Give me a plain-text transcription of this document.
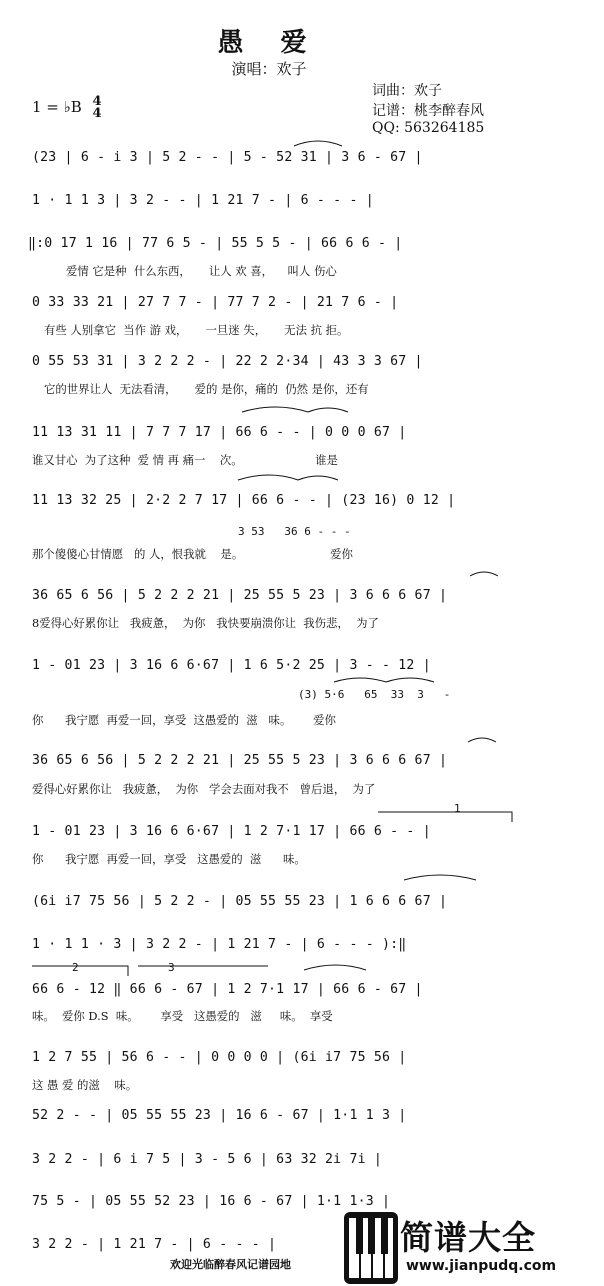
愚 爱
演唱：欢子
词曲：欢子
记谱：桃李醉春风
QQ: 563264185
1 = ♭B 4
4
(23 | 6 - i 3 | 5 2 - - | 5 - 52 31 | 3 6 - 67 |
1 · 1 1 3 | 3 2 - - | 1 21 7 - | 6 - - - |
‖:0 17 1 16 | 77 6 5 - | 55 5 5 - | 66 6 6 - |
爱情 它是种  什么东西，     让人 欢 喜，    叫人 伤心
0 33 33 21 | 27 7 7 - | 77 7 2 - | 21 7 6 - |
有些 人别拿它  当作 游 戏，     一旦迷 失，     无法 抗 拒。
0 55 53 31 | 3 2 2 2 - | 22 2 2·34 | 43 3 3 67 |
它的世界让人  无法看清，     爱的 是你，痛的  仍然 是你，还有
11 13 31 11 | 7 7 7 17 | 66 6 - - | 0 0 0 67 |
谁又甘心  为了这种  爱 情 再 痛一    次。                    谁是
11 13 32 25 | 2·2 2 7 17 | 66 6 - - | (23 16) 0 12 |
3 53   36 6 - - -
那个傻傻心甘情愿   的 人，恨我就    是。                        爱你
36 65 6 56 | 5 2 2 2 21 | 25 55 5 23 | 3 6 6 6 67 |
8爱得心好累你让   我疲惫，  为你   我快要崩溃你让  我伤悲，  为了
1 - 01 23 | 3 16 6 6·67 | 1 6 5·2 25 | 3 - - 12 |
(3) 5·6   65  33  3   -
你      我宁愿  再爱一回，享受  这愚爱的  滋   味。      爱你
36 65 6 56 | 5 2 2 2 21 | 25 55 5 23 | 3 6 6 6 67 |
爱得心好累你让   我疲惫，  为你   学会去面对我不   曾后退，  为了
1
1 - 01 23 | 3 16 6 6·67 | 1 2 7·1 17 | 66 6 - - |
你      我宁愿  再爱一回，享受   这愚爱的  滋      味。
(6i i7 75 56 | 5 2 2 - | 05 55 55 23 | 1 6 6 6 67 |
1 · 1 1 · 3 | 3 2 2 - | 1 21 7 - | 6 - - - ):‖
2	3
66 6 - 12 ‖ 66 6 - 67 | 1 2 7·1 17 | 66 6 - 67 |
味。  爱你 D.S  味。      享受   这愚爱的   滋     味。  享受
1 2 7 55 | 56 6 - - | 0 0 0 0 | (6i i7 75 56 |
这 愚 爱 的滋    味。
52 2 - - | 05 55 55 23 | 16 6 - 67 | 1·1 1 3 |
3 2 2 - | 6 i 7 5 | 3 - 5 6 | 63 32 2i 7i |
75 5 - | 05 55 52 23 | 16 6 - 67 | 1·1 1·3 |
3 2 2 - | 1 21 7 - | 6 - - - |
欢迎光临醉春风记谱园地
简谱大全
www.jianpudq.com
